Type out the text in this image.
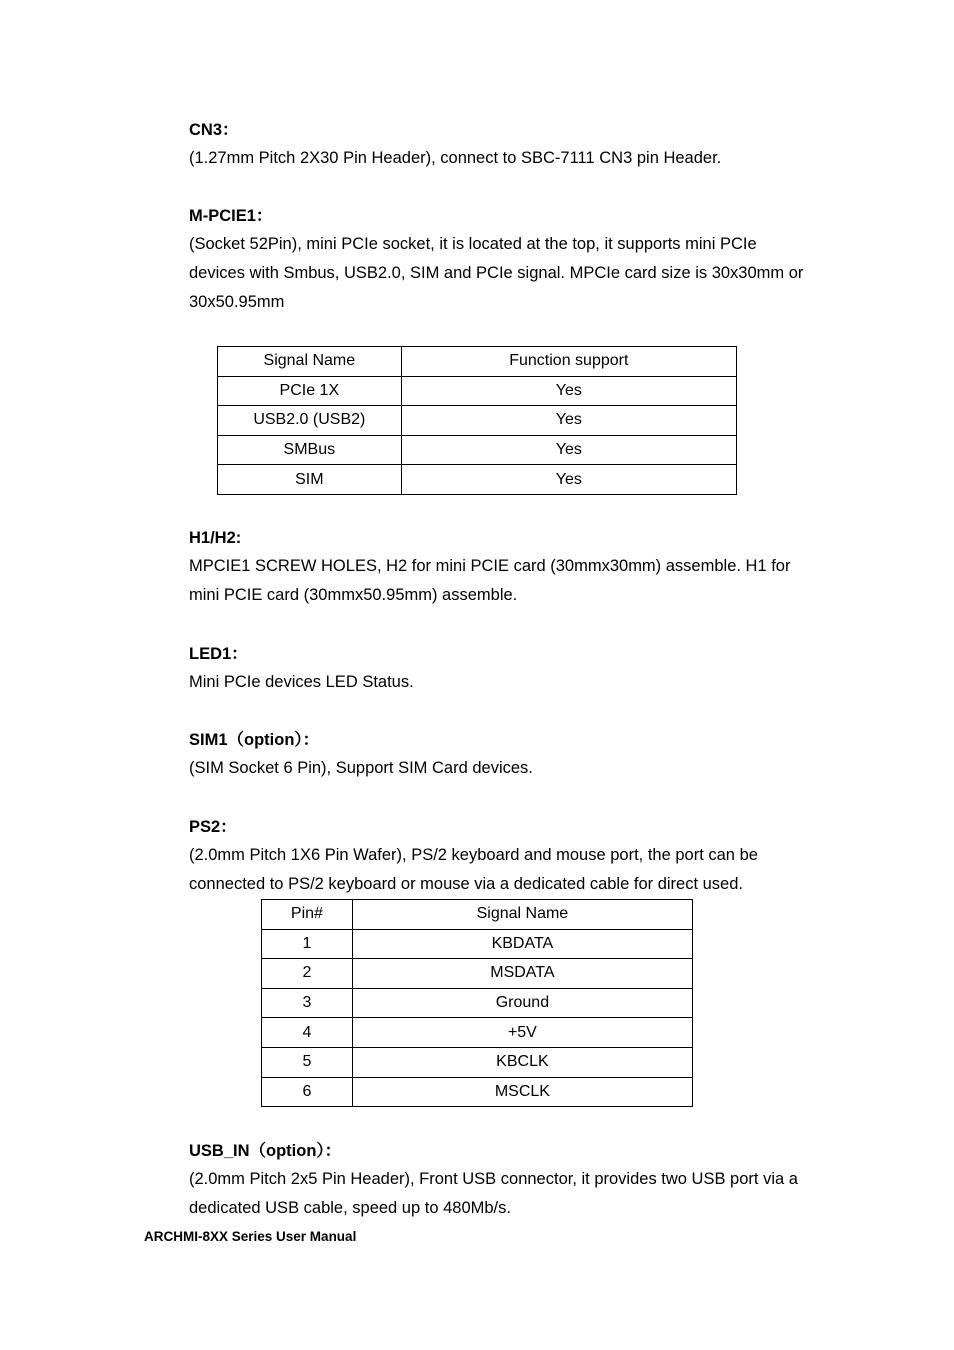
CN3：
(1.27mm Pitch 2X30 Pin Header), connect to SBC-7111 CN3 pin Header.
M-PCIE1：
(Socket 52Pin), mini PCIe socket, it is located at the top, it supports mini PCIe devices with Smbus, USB2.0, SIM and PCIe signal. MPCIe card size is 30x30mm or 30x50.95mm
Signal Name	Function support
PCIe 1X	Yes
USB2.0 (USB2)	Yes
SMBus	Yes
SIM	Yes
H1/H2:
MPCIE1 SCREW HOLES, H2 for mini PCIE card (30mmx30mm) assemble. H1 for mini PCIE card (30mmx50.95mm) assemble.
LED1：
Mini PCIe devices LED Status.
SIM1（option）：
(SIM Socket 6 Pin), Support SIM Card devices.
PS2：
(2.0mm Pitch 1X6 Pin Wafer), PS/2 keyboard and mouse port, the port can be connected to PS/2 keyboard or mouse via a dedicated cable for direct used.
Pin#	Signal Name
1	KBDATA
2	MSDATA
3	Ground
4	+5V
5	KBCLK
6	MSCLK
USB_IN（option）：
(2.0mm Pitch 2x5 Pin Header), Front USB connector, it provides two USB port via a dedicated USB cable, speed up to 480Mb/s.
ARCHMI-8XX Series User Manual
